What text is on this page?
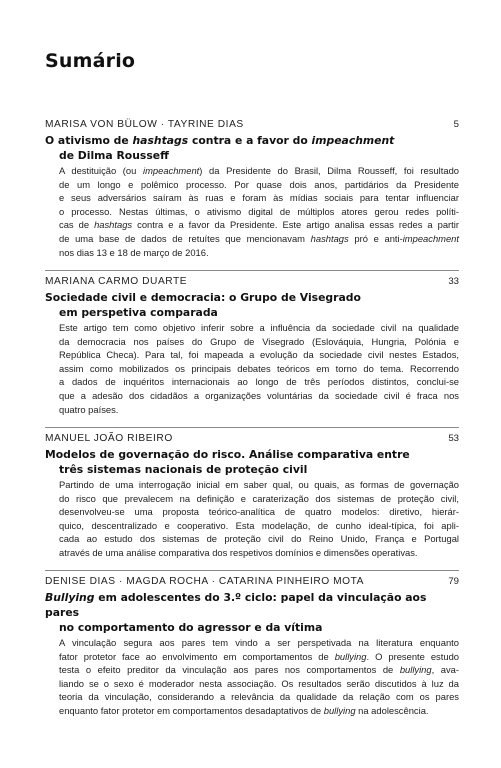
Sumário
MARISA VON BÜLOW · TAYRINE DIAS	5
O ativismo de hashtags contra e a favor do impeachment
de Dilma Rousseff
A destituição (ou impeachment) da Presidente do Brasil, Dilma Rousseff, foi resultado
de um longo e polêmico processo. Por quase dois anos, partidários da Presidente
e seus adversários saíram às ruas e foram às mídias sociais para tentar influenciar
o processo. Nestas últimas, o ativismo digital de múltiplos atores gerou redes políti-
cas de hashtags contra e a favor da Presidente. Este artigo analisa essas redes a partir
de uma base de dados de retuítes que mencionavam hashtags pró e anti-impeachment
nos dias 13 e 18 de março de 2016.
MARIANA CARMO DUARTE	33
Sociedade civil e democracia: o Grupo de Visegrado
em perspetiva comparada
Este artigo tem como objetivo inferir sobre a influência da sociedade civil na qualidade
da democracia nos países do Grupo de Visegrado (Eslováquia, Hungria, Polónia e
República Checa). Para tal, foi mapeada a evolução da sociedade civil nestes Estados,
assim como mobilizados os principais debates teóricos em torno do tema. Recorrendo
a dados de inquéritos internacionais ao longo de três períodos distintos, conclui-se
que a adesão dos cidadãos a organizações voluntárias da sociedade civil é fraca nos
quatro países.
MANUEL JOÃO RIBEIRO	53
Modelos de governação do risco. Análise comparativa entre
três sistemas nacionais de proteção civil
Partindo de uma interrogação inicial em saber qual, ou quais, as formas de governação
do risco que prevalecem na definição e caraterização dos sistemas de proteção civil,
desenvolveu-se uma proposta teórico-analítica de quatro modelos: diretivo, hierár-
quico, descentralizado e cooperativo. Esta modelação, de cunho ideal-típica, foi apli-
cada ao estudo dos sistemas de proteção civil do Reino Unido, França e Portugal
através de uma análise comparativa dos respetivos domínios e dimensões operativas.
DENISE DIAS · MAGDA ROCHA · CATARINA PINHEIRO MOTA	79
Bullying em adolescentes do 3.º ciclo: papel da vinculação aos pares
no comportamento do agressor e da vítima
A vinculação segura aos pares tem vindo a ser perspetivada na literatura enquanto
fator protetor face ao envolvimento em comportamentos de bullying. O presente estudo
testa o efeito preditor da vinculação aos pares nos comportamentos de bullying, ava-
liando se o sexo é moderador nesta associação. Os resultados serão discutidos à luz da
teoria da vinculação, considerando a relevância da qualidade da relação com os pares
enquanto fator protetor em comportamentos desadaptativos de bullying na adolescência.
